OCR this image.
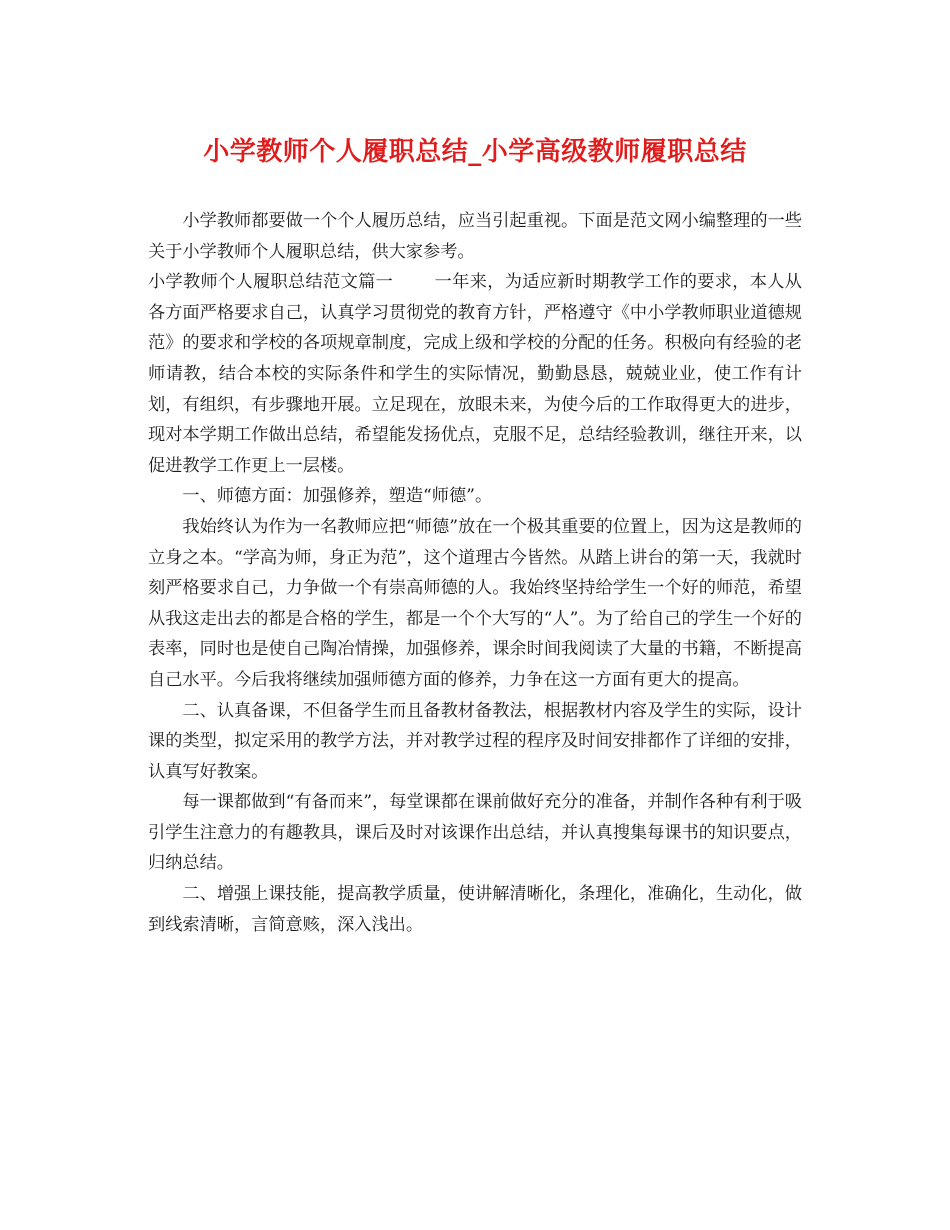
小学教师个人履职总结_小学高级教师履职总结

小学教师都要做一个个人履历总结，应当引起重视。下面是范文网小编整理的一些关于小学教师个人履职总结，供大家参考。

小学教师个人履职总结范文篇一 一年来，为适应新时期教学工作的要求，本人从各方面严格要求自己，认真学习贯彻党的教育方针，严格遵守《中小学教师职业道德规范》的要求和学校的各项规章制度，完成上级和学校的分配的任务。积极向有经验的老师请教，结合本校的实际条件和学生的实际情况，勤勤恳恳，兢兢业业，使工作有计划，有组织，有步骤地开展。立足现在，放眼未来，为使今后的工作取得更大的进步，现对本学期工作做出总结，希望能发扬优点，克服不足，总结经验教训，继往开来，以促进教学工作更上一层楼。

一、师德方面：加强修养，塑造“师德”。

我始终认为作为一名教师应把“师德”放在一个极其重要的位置上，因为这是教师的立身之本。“学高为师，身正为范”，这个道理古今皆然。从踏上讲台的第一天，我就时刻严格要求自己，力争做一个有崇高师德的人。我始终坚持给学生一个好的师范，希望从我这走出去的都是合格的学生，都是一个个大写的“人”。为了给自己的学生一个好的表率，同时也是使自己陶冶情操，加强修养，课余时间我阅读了大量的书籍，不断提高自己水平。今后我将继续加强师德方面的修养，力争在这一方面有更大的提高。

二、认真备课，不但备学生而且备教材备教法，根据教材内容及学生的实际，设计课的类型，拟定采用的教学方法，并对教学过程的程序及时间安排都作了详细的安排，认真写好教案。

每一课都做到“有备而来”，每堂课都在课前做好充分的准备，并制作各种有利于吸引学生注意力的有趣教具，课后及时对该课作出总结，并认真搜集每课书的知识要点，归纳总结。

二、增强上课技能，提高教学质量，使讲解清晰化，条理化，准确化，生动化，做到线索清晰，言简意赅，深入浅出。
